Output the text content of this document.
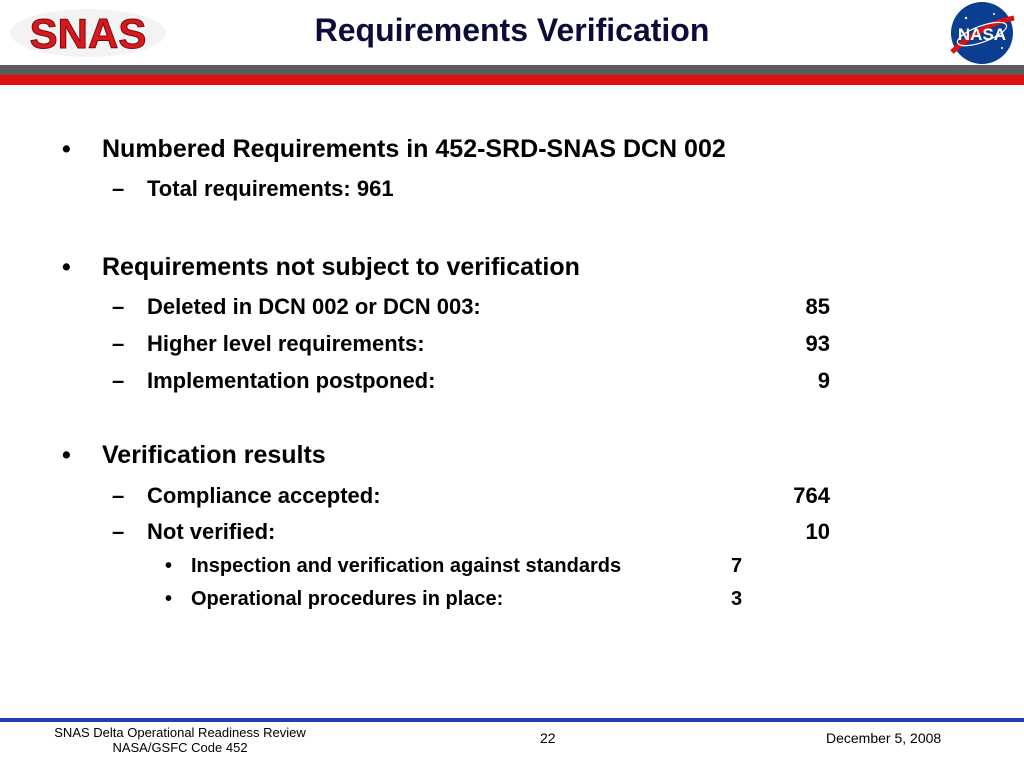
SNAS	Requirements Verification	NASA
• Numbered Requirements in 452-SRD-SNAS DCN 002
– Total requirements: 961
• Requirements not subject to verification
– Deleted in DCN 002 or DCN 003:	85
– Higher level requirements:	93
– Implementation postponed:	9
• Verification results
– Compliance accepted:	764
– Not verified:	10
• Inspection and verification against standards	7
• Operational procedures in place:	3
SNAS Delta Operational Readiness Review
NASA/GSFC Code 452
22	December 5, 2008
